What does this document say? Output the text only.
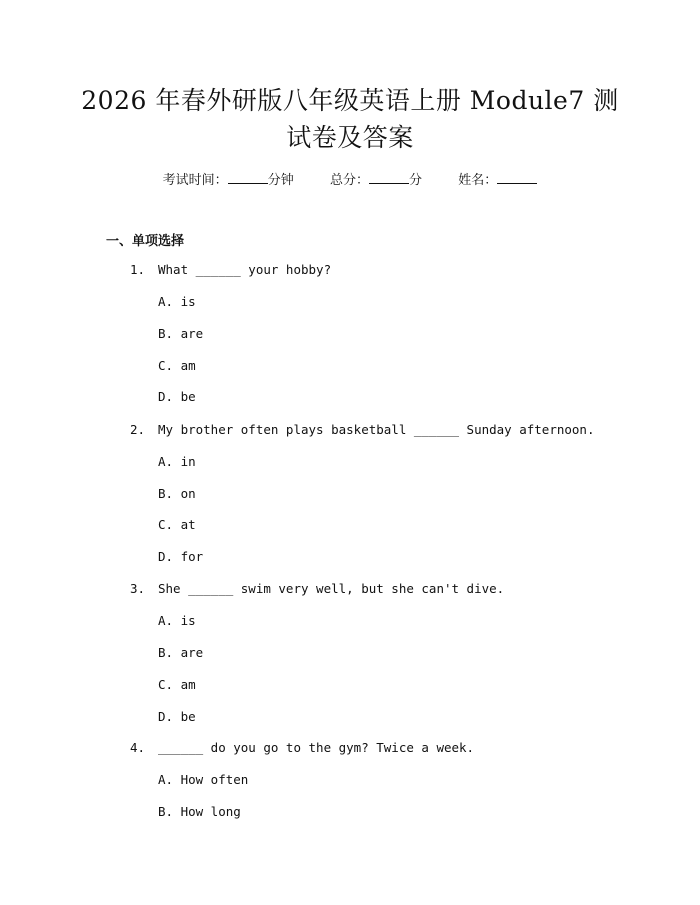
2026 年春外研版八年级英语上册 Module7 测
试卷及答案
考试时间：	分钟	总分：	分	姓名：
一、单项选择
1. What ______ your hobby?
A. is
B. are
C. am
D. be
2. My brother often plays basketball ______ Sunday afternoon.
A. in
B. on
C. at
D. for
3. She ______ swim very well, but she can't dive.
A. is
B. are
C. am
D. be
4. ______ do you go to the gym? Twice a week.
A. How often
B. How long
